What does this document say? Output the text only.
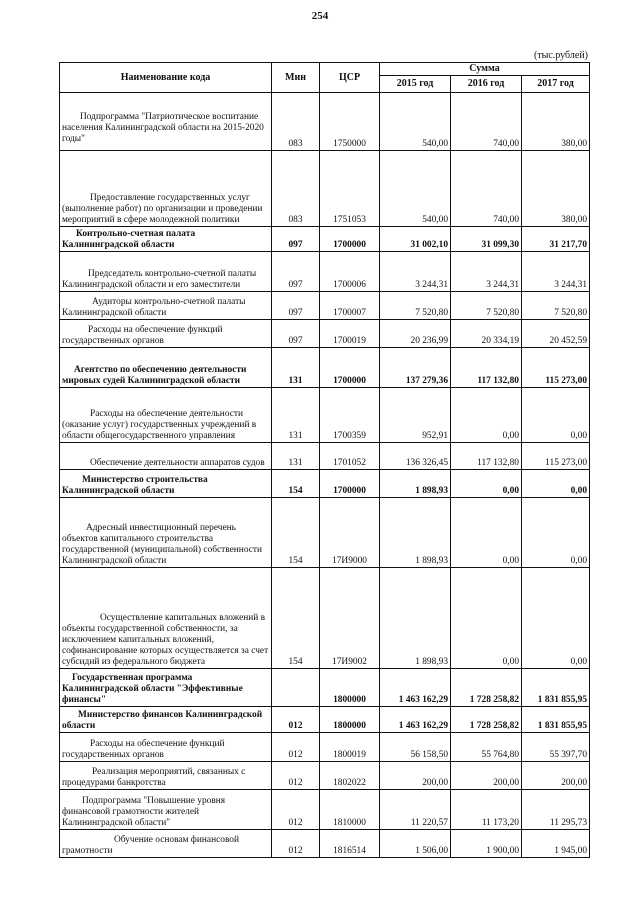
254
(тыс.рублей)
Наименование кода	Мин	ЦСР	Сумма		
			2015 год	2016 год	2017 год

Подпрограмма "Патриотическое воспитание населения Калининградской области на 2015-2020 годы"	083	1750000	540,00	740,00	380,00

Предоставление государственных услуг (выполнение работ) по организации и проведении мероприятий в сфере молодежной политики	083	1751053	540,00	740,00	380,00

Контрольно-счетная палата Калининградской области	097	1700000	31 002,10	31 099,30	31 217,70

Председатель контрольно-счетной палаты Калининградской области и его заместители	097	1700006	3 244,31	3 244,31	3 244,31

Аудиторы контрольно-счетной палаты Калининградской области	097	1700007	7 520,80	7 520,80	7 520,80

Расходы на обеспечение функций государственных органов	097	1700019	20 236,99	20 334,19	20 452,59

Агентство по обеспечению деятельности мировых судей Калининградской области	131	1700000	137 279,36	117 132,80	115 273,00

Расходы на обеспечение деятельности (оказание услуг) государственных учреждений в области общегосударственного управления	131	1700359	952,91	0,00	0,00

Обеспечение деятельности аппаратов судов	131	1701052	136 326,45	117 132,80	115 273,00

Министерство строительства Калининградской области	154	1700000	1 898,93	0,00	0,00

Адресный инвестиционный перечень объектов капитального строительства государственной (муниципальной) собственности Калининградской области	154	17И9000	1 898,93	0,00	0,00

Осуществление капитальных вложений в объекты государственной собственности, за исключением капитальных вложений, софинансирование которых осуществляется за счет субсидий из федерального бюджета	154	17И9002	1 898,93	0,00	0,00

Государственная программа Калининградской области "Эффективные финансы"		1800000	1 463 162,29	1 728 258,82	1 831 855,95

Министерство финансов Калининградской области	012	1800000	1 463 162,29	1 728 258,82	1 831 855,95

Расходы на обеспечение функций государственных органов	012	1800019	56 158,50	55 764,80	55 397,70

Реализация мероприятий, связанных с процедурами банкротства	012	1802022	200,00	200,00	200,00

Подпрограмма "Повышение уровня финансовой грамотности жителей Калининградской области"	012	1810000	11 220,57	11 173,20	11 295,73

Обучение основам финансовой грамотности	012	1816514	1 506,00	1 900,00	1 945,00
